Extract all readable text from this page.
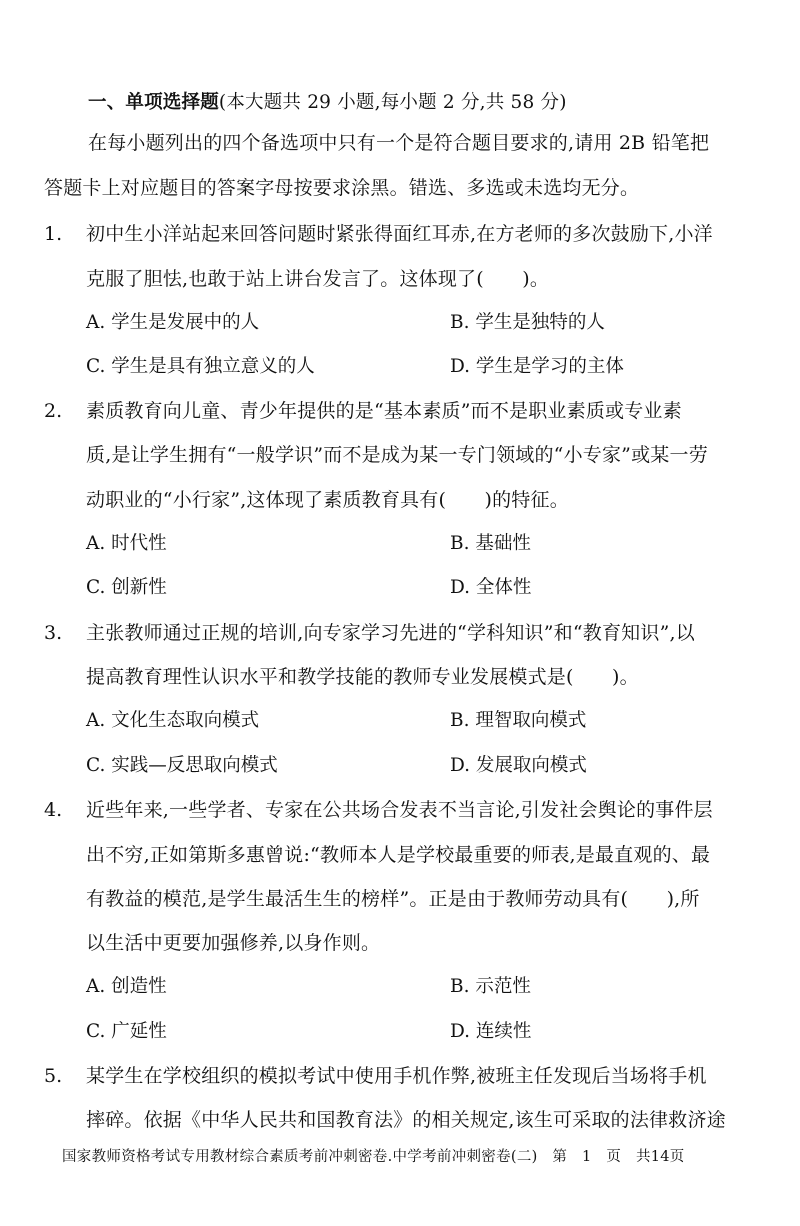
一、单项选择题(本大题共 29 小题,每小题 2 分,共 58 分)
在每小题列出的四个备选项中只有一个是符合题目要求的,请用 2B 铅笔把
答题卡上对应题目的答案字母按要求涂黑。错选、多选或未选均无分。
1. 初中生小洋站起来回答问题时紧张得面红耳赤,在方老师的多次鼓励下,小洋
克服了胆怯,也敢于站上讲台发言了。这体现了(　　)。
A. 学生是发展中的人	B. 学生是独特的人
C. 学生是具有独立意义的人	D. 学生是学习的主体
2. 素质教育向儿童、青少年提供的是“基本素质”而不是职业素质或专业素
质,是让学生拥有“一般学识”而不是成为某一专门领域的“小专家”或某一劳
动职业的“小行家”,这体现了素质教育具有(　　)的特征。
A. 时代性	B. 基础性
C. 创新性	D. 全体性
3. 主张教师通过正规的培训,向专家学习先进的“学科知识”和“教育知识”,以
提高教育理性认识水平和教学技能的教师专业发展模式是(　　)。
A. 文化生态取向模式	B. 理智取向模式
C. 实践—反思取向模式	D. 发展取向模式
4. 近些年来,一些学者、专家在公共场合发表不当言论,引发社会舆论的事件层
出不穷,正如第斯多惠曾说:“教师本人是学校最重要的师表,是最直观的、最
有教益的模范,是学生最活生生的榜样”。正是由于教师劳动具有(　　),所
以生活中更要加强修养,以身作则。
A. 创造性	B. 示范性
C. 广延性	D. 连续性
5. 某学生在学校组织的模拟考试中使用手机作弊,被班主任发现后当场将手机
摔碎。依据《中华人民共和国教育法》的相关规定,该生可采取的法律救济途
国家教师资格考试专用教材综合素质考前冲刺密卷.中学考前冲刺密卷(二)　第　1　页　共14页
